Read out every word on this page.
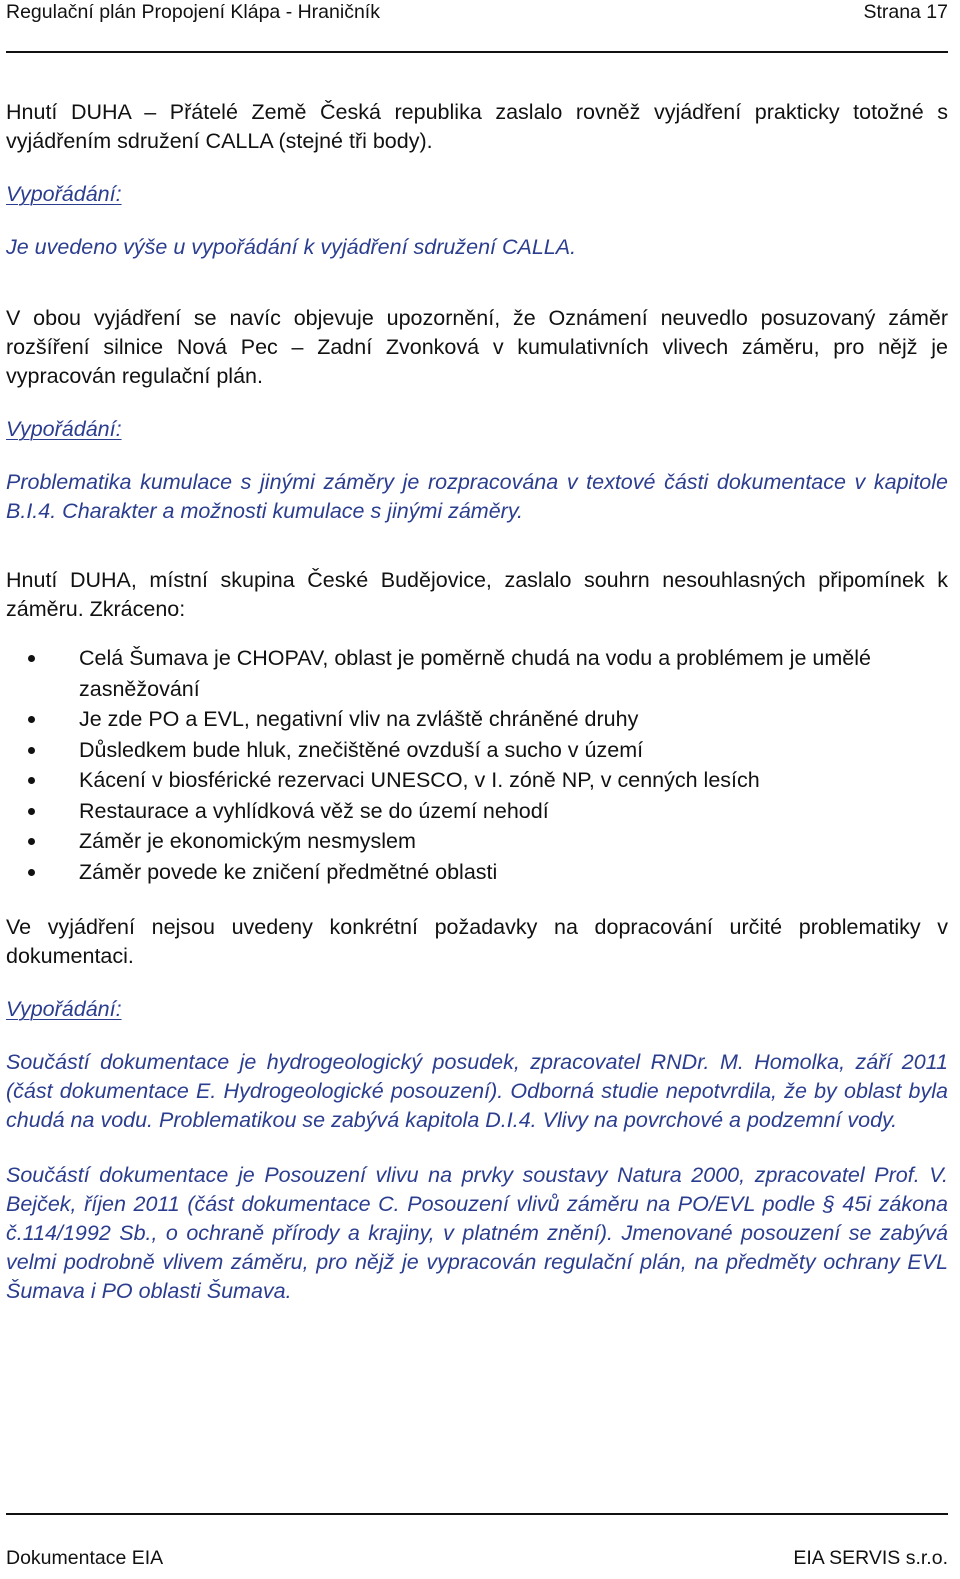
Regulační plán Propojení Klápa - Hraničník	Strana 17

Hnutí DUHA – Přátelé Země Česká republika zaslalo rovněž vyjádření prakticky totožné s vyjádřením sdružení CALLA (stejné tři body).

Vypořádání:

Je uvedeno výše u vypořádání k vyjádření sdružení CALLA.

V obou vyjádření se navíc objevuje upozornění, že Oznámení neuvedlo posuzovaný záměr rozšíření silnice Nová Pec – Zadní Zvonková v kumulativních vlivech záměru, pro nějž je vypracován regulační plán.

Vypořádání:

Problematika kumulace s jinými záměry je rozpracována v textové části dokumentace v kapitole B.I.4. Charakter a možnosti kumulace s jinými záměry.

Hnutí DUHA, místní skupina České Budějovice, zaslalo souhrn nesouhlasných připomínek k záměru. Zkráceno:

Celá Šumava je CHOPAV, oblast je poměrně chudá na vodu a problémem je umělé zasněžování
Je zde PO a EVL, negativní vliv na zvláště chráněné druhy
Důsledkem bude hluk, znečištěné ovzduší a sucho v území
Kácení v biosférické rezervaci UNESCO, v I. zóně NP, v cenných lesích
Restaurace a vyhlídková věž se do území nehodí
Záměr je ekonomickým nesmyslem
Záměr povede ke zničení předmětné oblasti

Ve vyjádření nejsou uvedeny konkrétní požadavky na dopracování určité problematiky v dokumentaci.

Vypořádání:

Součástí dokumentace je hydrogeologický posudek, zpracovatel RNDr. M. Homolka, září 2011 (část dokumentace E. Hydrogeologické posouzení). Odborná studie nepotvrdila, že by oblast byla chudá na vodu. Problematikou se zabývá kapitola D.I.4. Vlivy na povrchové a podzemní vody.

Součástí dokumentace je Posouzení vlivu na prvky soustavy Natura 2000, zpracovatel Prof. V. Bejček, říjen 2011 (část dokumentace C. Posouzení vlivů záměru na PO/EVL podle § 45i zákona č.114/1992 Sb., o ochraně přírody a krajiny, v platném znění). Jmenované posouzení se zabývá velmi podrobně vlivem záměru, pro nějž je vypracován regulační plán, na předměty ochrany EVL Šumava i PO oblasti Šumava.

Dokumentace EIA	EIA SERVIS s.r.o.
